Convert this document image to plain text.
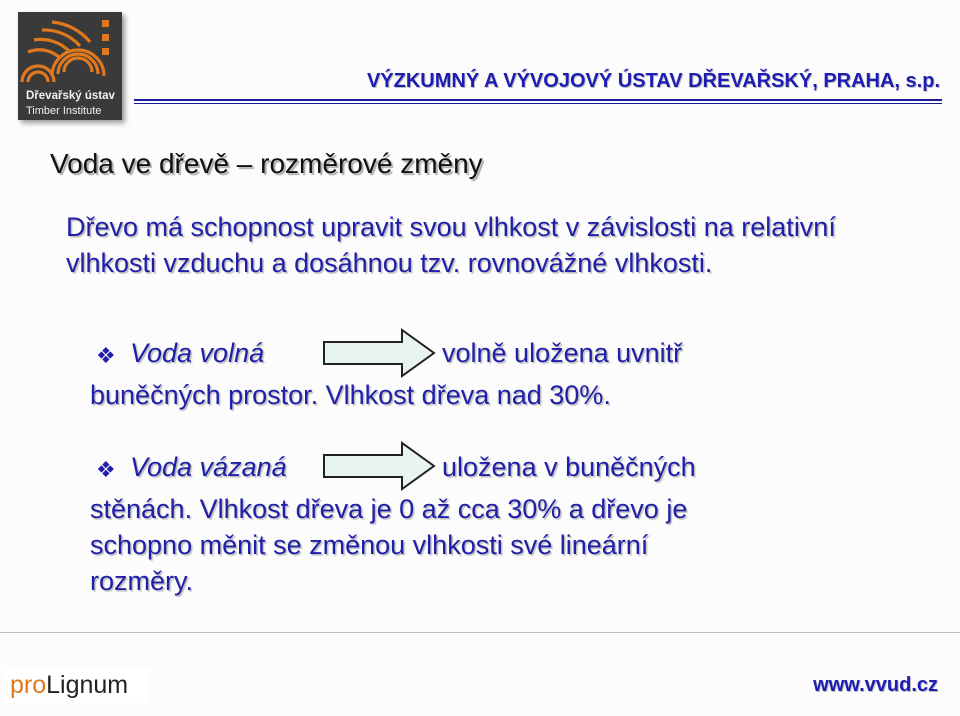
Dřevařský ústav
Timber Institute
VÝZKUMNÝ A VÝVOJOVÝ ÚSTAV DŘEVAŘSKÝ, PRAHA, s.p.
Voda ve dřevě – rozměrové změny
Dřevo má schopnost upravit svou vlhkost v závislosti na relativní vlhkosti vzduchu a dosáhnou tzv. rovnovážné vlhkosti.
❖ Voda volná	volně uložena uvnitř
buněčných prostor. Vlhkost dřeva nad 30%.
❖ Voda vázaná	uložena v buněčných
stěnách. Vlhkost dřeva je 0 až cca 30% a dřevo je
schopno měnit se změnou vlhkosti své lineární
rozměry.
proLignum	www.vvud.cz
